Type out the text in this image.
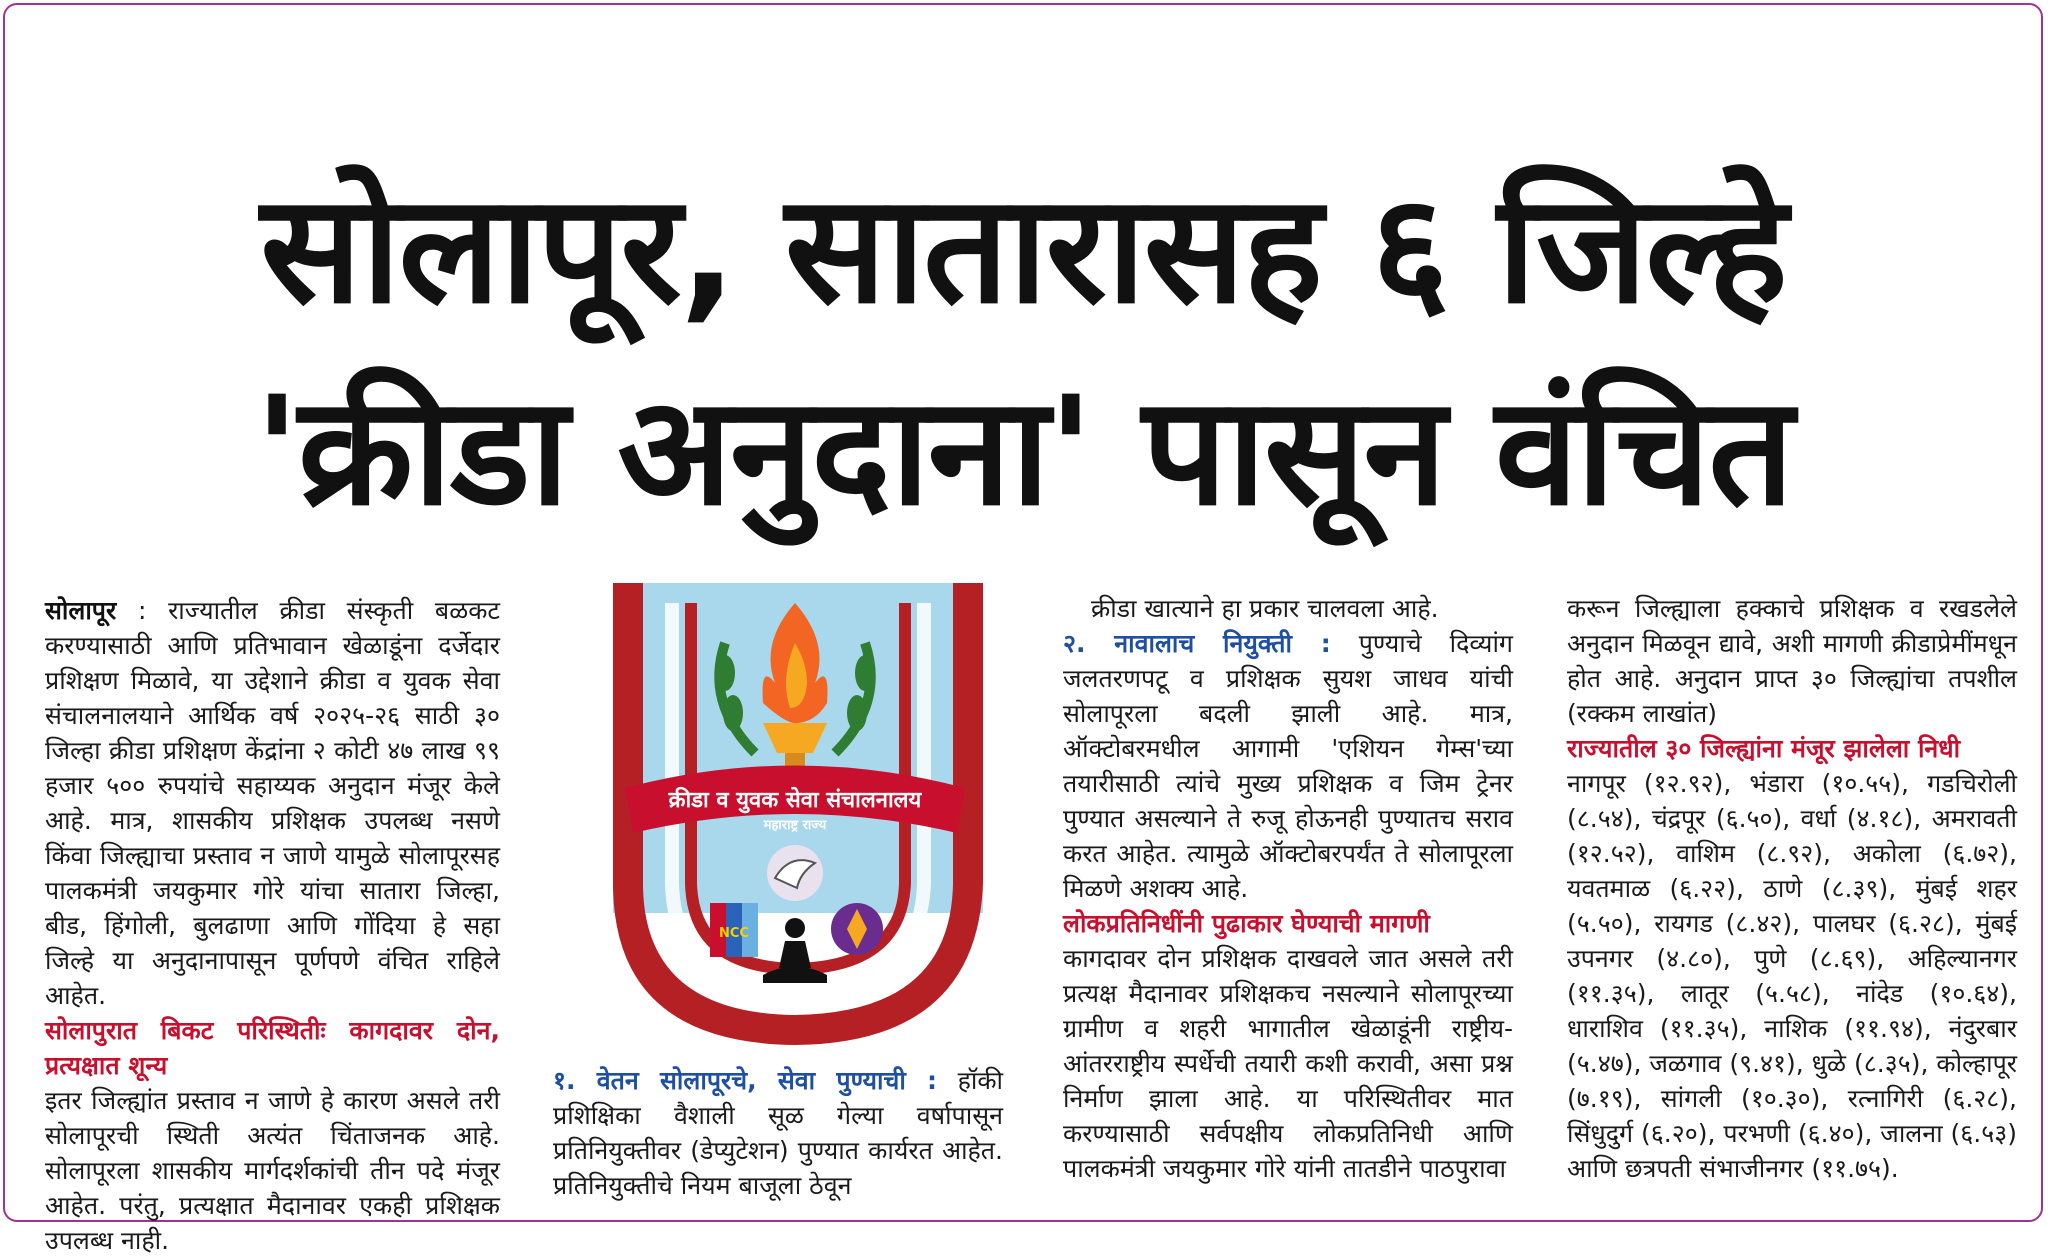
सोलापूर, सातारासह ६ जिल्हे
'क्रीडा अनुदाना' पासून वंचित

सोलापूर : राज्यातील क्रीडा संस्कृती बळकट करण्यासाठी आणि प्रतिभावान खेळाडूंना दर्जेदार प्रशिक्षण मिळावे, या उद्देशाने क्रीडा व युवक सेवा संचालनालयाने आर्थिक वर्ष २०२५-२६ साठी ३० जिल्हा क्रीडा प्रशिक्षण केंद्रांना २ कोटी ४७ लाख ९९ हजार ५०० रुपयांचे सहाय्यक अनुदान मंजूर केले आहे. मात्र, शासकीय प्रशिक्षक उपलब्ध नसणे किंवा जिल्ह्याचा प्रस्ताव न जाणे यामुळे सोलापूरसह पालकमंत्री जयकुमार गोरे यांचा सातारा जिल्हा, बीड, हिंगोली, बुलढाणा आणि गोंदिया हे सहा जिल्हे या अनुदानापासून पूर्णपणे वंचित राहिले आहेत.

सोलापुरात बिकट परिस्थितीः कागदावर दोन, प्रत्यक्षात शून्य

इतर जिल्ह्यांत प्रस्ताव न जाणे हे कारण असले तरी सोलापूरची स्थिती अत्यंत चिंताजनक आहे. सोलापूरला शासकीय मार्गदर्शकांची तीन पदे मंजूर आहेत. परंतु, प्रत्यक्षात मैदानावर एकही प्रशिक्षक उपलब्ध नाही.

क्रीडा व युवक सेवा संचालनालय
महाराष्ट्र राज्य
NCC

१. वेतन सोलापूरचे, सेवा पुण्याची : हॉकी प्रशिक्षिका वैशाली सूळ गेल्या वर्षापासून प्रतिनियुक्तीवर (डेप्युटेशन) पुण्यात कार्यरत आहेत. प्रतिनियुक्तीचे नियम बाजूला ठेवून

क्रीडा खात्याने हा प्रकार चालवला आहे.

२. नावालाच नियुक्ती : पुण्याचे दिव्यांग जलतरणपटू व प्रशिक्षक सुयश जाधव यांची सोलापूरला बदली झाली आहे. मात्र, ऑक्टोबरमधील आगामी 'एशियन गेम्स'च्या तयारीसाठी त्यांचे मुख्य प्रशिक्षक व जिम ट्रेनर पुण्यात असल्याने ते रुजू होऊनही पुण्यातच सराव करत आहेत. त्यामुळे ऑक्टोबरपर्यंत ते सोलापूरला मिळणे अशक्य आहे.

लोकप्रतिनिधींनी पुढाकार घेण्याची मागणी

कागदावर दोन प्रशिक्षक दाखवले जात असले तरी प्रत्यक्ष मैदानावर प्रशिक्षकच नसल्याने सोलापूरच्या ग्रामीण व शहरी भागातील खेळाडूंनी राष्ट्रीय-आंतरराष्ट्रीय स्पर्धेची तयारी कशी करावी, असा प्रश्न निर्माण झाला आहे. या परिस्थितीवर मात करण्यासाठी सर्वपक्षीय लोकप्रतिनिधी आणि पालकमंत्री जयकुमार गोरे यांनी तातडीने पाठपुरावा

करून जिल्ह्याला हक्काचे प्रशिक्षक व रखडलेले अनुदान मिळवून द्यावे, अशी मागणी क्रीडाप्रेमींमधून होत आहे. अनुदान प्राप्त ३० जिल्ह्यांचा तपशील (रक्कम लाखांत)

राज्यातील ३० जिल्ह्यांना मंजूर झालेला निधी

नागपूर (१२.९२), भंडारा (१०.५५), गडचिरोली (८.५४), चंद्रपूर (६.५०), वर्धा (४.१८), अमरावती (१२.५२), वाशिम (८.९२), अकोला (६.७२), यवतमाळ (६.२२), ठाणे (८.३९), मुंबई शहर (५.५०), रायगड (८.४२), पालघर (६.२८), मुंबई उपनगर (४.८०), पुणे (८.६९), अहिल्यानगर (११.३५), लातूर (५.५८), नांदेड (१०.६४), धाराशिव (११.३५), नाशिक (११.९४), नंदुरबार (५.४७), जळगाव (९.४१), धुळे (८.३५), कोल्हापूर (७.१९), सांगली (१०.३०), रत्नागिरी (६.२८), सिंधुदुर्ग (६.२०), परभणी (६.४०), जालना (६.५३) आणि छत्रपती संभाजीनगर (११.७५).
